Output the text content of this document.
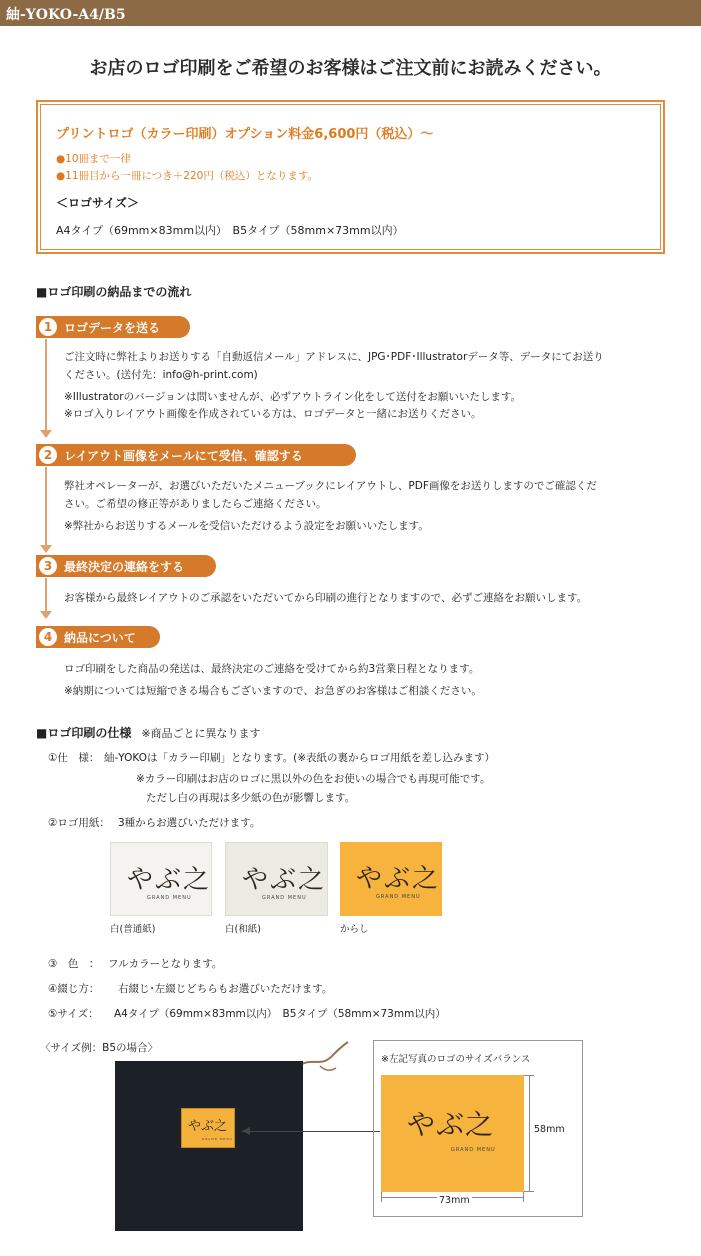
紬-YOKO-A4/B5
お店のロゴ印刷をご希望のお客様はご注文前にお読みください。
プリントロゴ（カラー印刷）オプション料金6,600円（税込）〜
●10冊まで一律
●11冊目から一冊につき＋220円（税込）となります。
＜ロゴサイズ＞
A4タイプ（69mm×83mm以内）　B5タイプ（58mm×73mm以内）
■ロゴ印刷の納品までの流れ
1 ロゴデータを送る
ご注文時に弊社よりお送りする「自動返信メール」アドレスに、JPG･PDF･Illustratorデータ等、データにてお送り
ください。(送付先：info@h-print.com)
※Illustratorのバージョンは問いませんが、必ずアウトライン化をして送付をお願いいたします。
※ロゴ入りレイアウト画像を作成されている方は、ロゴデータと一緒にお送りください。
2 レイアウト画像をメールにて受信、確認する
弊社オペレーターが、お選びいただいたメニューブックにレイアウトし、PDF画像をお送りしますのでご確認くだ
さい。ご希望の修正等がありましたらご連絡ください。
※弊社からお送りするメールを受信いただけるよう設定をお願いいたします。
3 最終決定の連絡をする
お客様から最終レイアウトのご承認をいただいてから印刷の進行となりますので、必ずご連絡をお願いします。
4 納品について
ロゴ印刷をした商品の発送は、最終決定のご連絡を受けてから約3営業日程となります。
※納期については短縮できる場合もございますので、お急ぎのお客様はご相談ください。
■ロゴ印刷の仕様 ※商品ごとに異なります
①仕　様： 紬-YOKOは「カラー印刷」となります。(※表紙の裏からロゴ用紙を差し込みます）
※カラー印刷はお店のロゴに黒以外の色をお使いの場合でも再現可能です。
ただし白の再現は多少紙の色が影響します。
②ロゴ用紙： 3種からお選びいただけます。
やぶ之
GRAND MENU
やぶ之
GRAND MENU
やぶ之
GRAND MENU
白(普通紙)	白(和紙)	からし
③　色　： フルカラーとなります。
④綴じ方： 右綴じ･左綴じどちらもお選びいただけます。
⑤サイズ： A4タイプ（69mm×83mm以内）　B5タイプ（58mm×73mm以内）
〈サイズ例：B5の場合〉
やぶ之
GRAND MENU
※左記写真のロゴのサイズバランス
やぶ之
GRAND MENU
73mm
58mm
